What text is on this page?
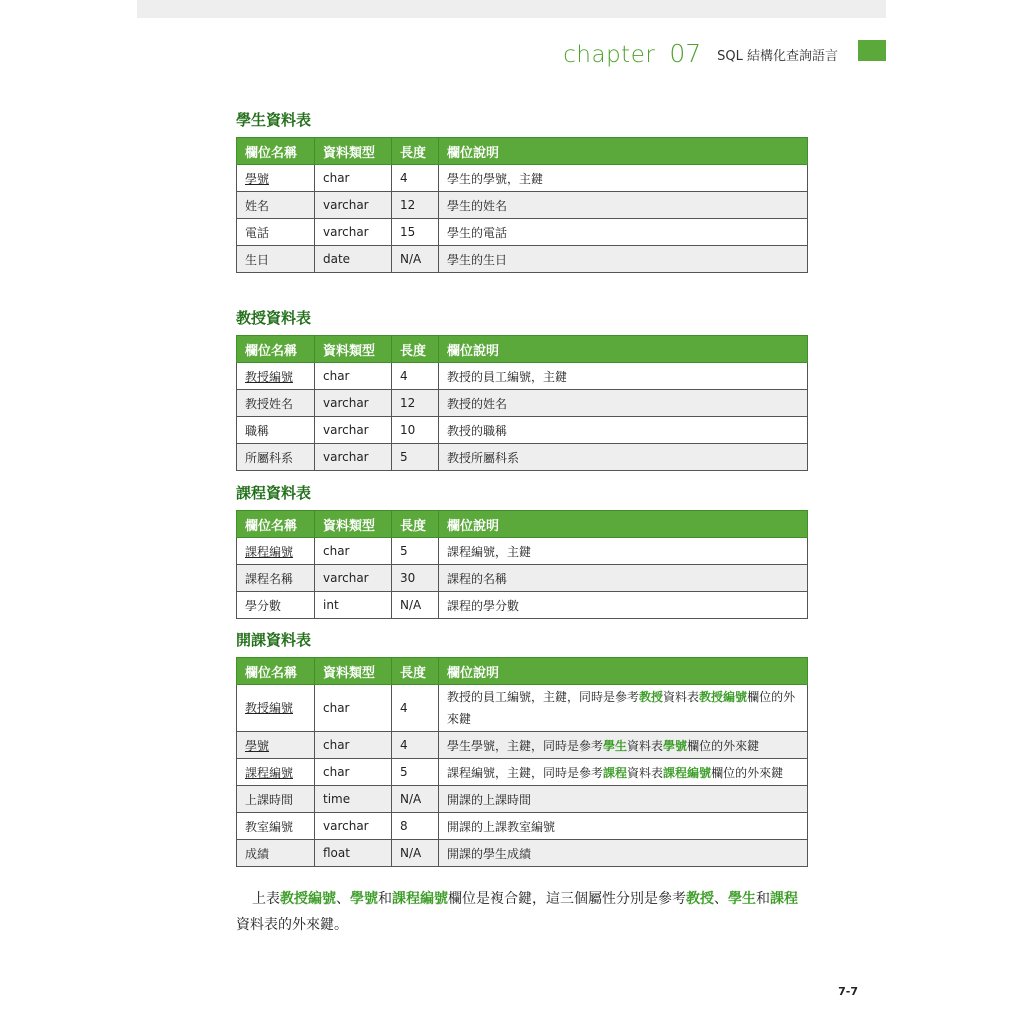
chapter 07 SQL 結構化查詢語言
學生資料表
欄位名稱	資料類型	長度	欄位說明
學號	char	4	學生的學號，主鍵
姓名	varchar	12	學生的姓名
電話	varchar	15	學生的電話
生日	date	N/A	學生的生日
教授資料表
欄位名稱	資料類型	長度	欄位說明
教授編號	char	4	教授的員工編號，主鍵
教授姓名	varchar	12	教授的姓名
職稱	varchar	10	教授的職稱
所屬科系	varchar	5	教授所屬科系
課程資料表
欄位名稱	資料類型	長度	欄位說明
課程編號	char	5	課程編號，主鍵
課程名稱	varchar	30	課程的名稱
學分數	int	N/A	課程的學分數
開課資料表
欄位名稱	資料類型	長度	欄位說明
教授編號	char	4	教授的員工編號，主鍵，同時是參考教授資料表教授編號欄位的外來鍵
學號	char	4	學生學號，主鍵，同時是參考學生資料表學號欄位的外來鍵
課程編號	char	5	課程編號，主鍵，同時是參考課程資料表課程編號欄位的外來鍵
上課時間	time	N/A	開課的上課時間
教室編號	varchar	8	開課的上課教室編號
成績	float	N/A	開課的學生成績
上表教授編號、學號和課程編號欄位是複合鍵，這三個屬性分別是參考教授、學生和課程資料表的外來鍵。
7-7
